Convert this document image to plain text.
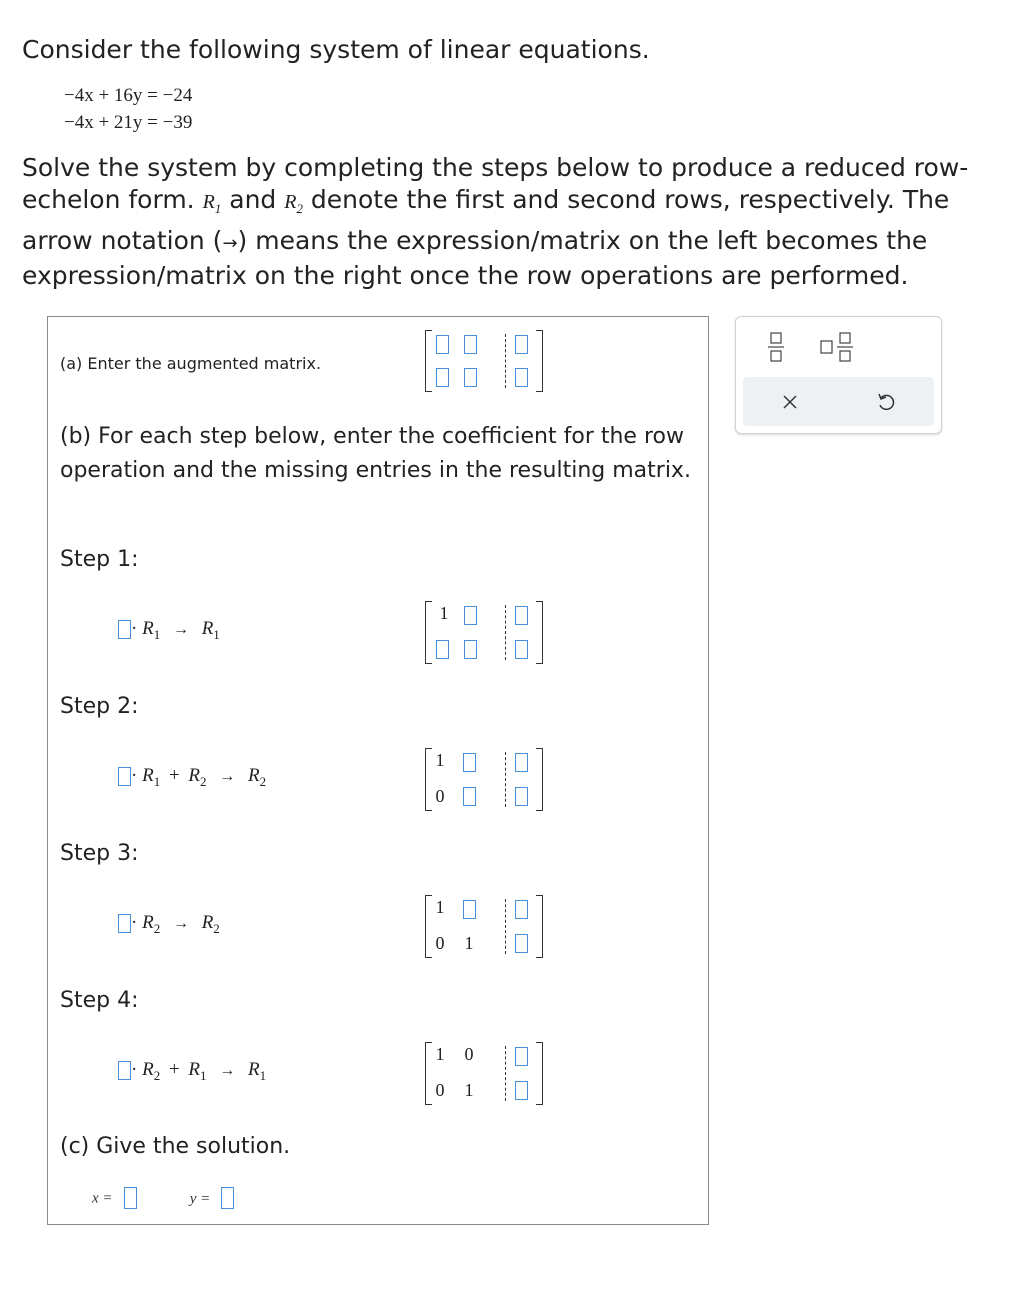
Consider the following system of linear equations.
−4x + 16y = −24
−4x + 21y = −39
Solve the system by completing the steps below to produce a reduced row-echelon form. $R_1$ and $R_2$ denote the first and second rows, respectively. The arrow notation (→) means the expression/matrix on the left becomes the expression/matrix on the right once the row operations are performed.
(a) Enter the augmented matrix.
(b) For each step below, enter the coefficient for the row operation and the missing entries in the resulting matrix.
Step 1:
· $R_1 \to R_1$
1
Step 2:
· $R_1 + R_2 \to R_2$
1
0
Step 3:
· $R_2 \to R_2$
1
0 1
Step 4:
· $R_2 + R_1 \to R_1$
1 0
0 1
(c) Give the solution.
x =	y =
